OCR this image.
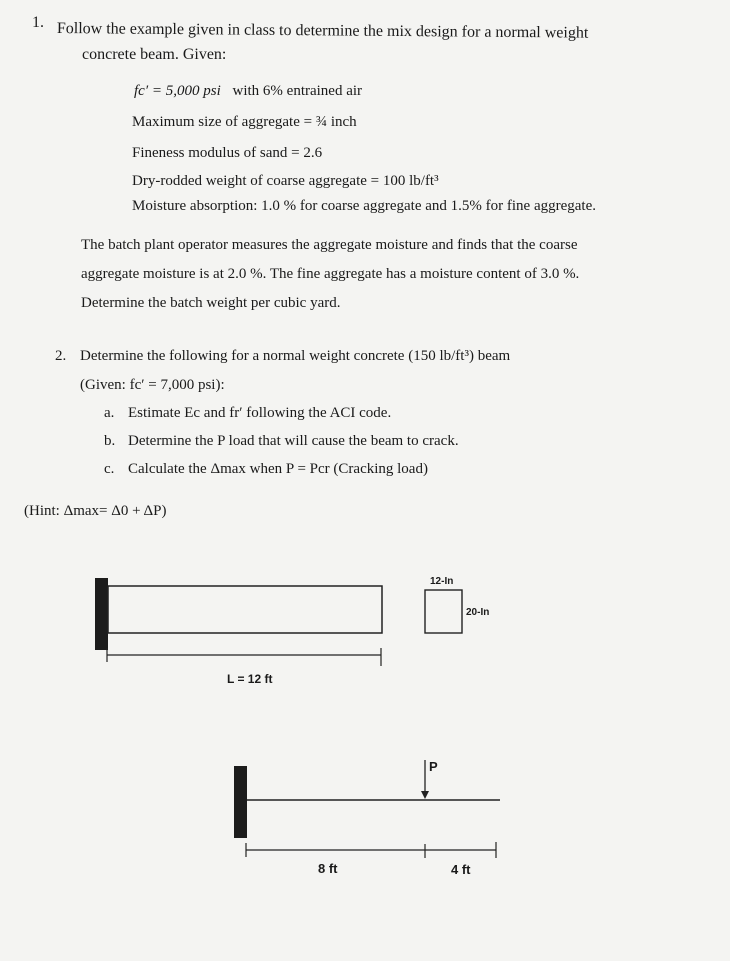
1. Follow the example given in class to determine the mix design for a normal weight
concrete beam. Given:
fc′ = 5,000 psi with 6% entrained air
Maximum size of aggregate = ¾ inch
Fineness modulus of sand = 2.6
Dry-rodded weight of coarse aggregate = 100 lb/ft³
Moisture absorption: 1.0 % for coarse aggregate and 1.5% for fine aggregate.
The batch plant operator measures the aggregate moisture and finds that the coarse
aggregate moisture is at 2.0 %. The fine aggregate has a moisture content of 3.0 %.
Determine the batch weight per cubic yard.
2. Determine the following for a normal weight concrete (150 lb/ft³) beam
(Given: fc′ = 7,000 psi):
a. Estimate Ec and fr′ following the ACI code.
b. Determine the P load that will cause the beam to crack.
c. Calculate the Δmax when P = Pcr (Cracking load)
(Hint: Δmax= Δ0 + ΔP)
L = 12 ft
12-In
20-In
P
8 ft	4 ft
